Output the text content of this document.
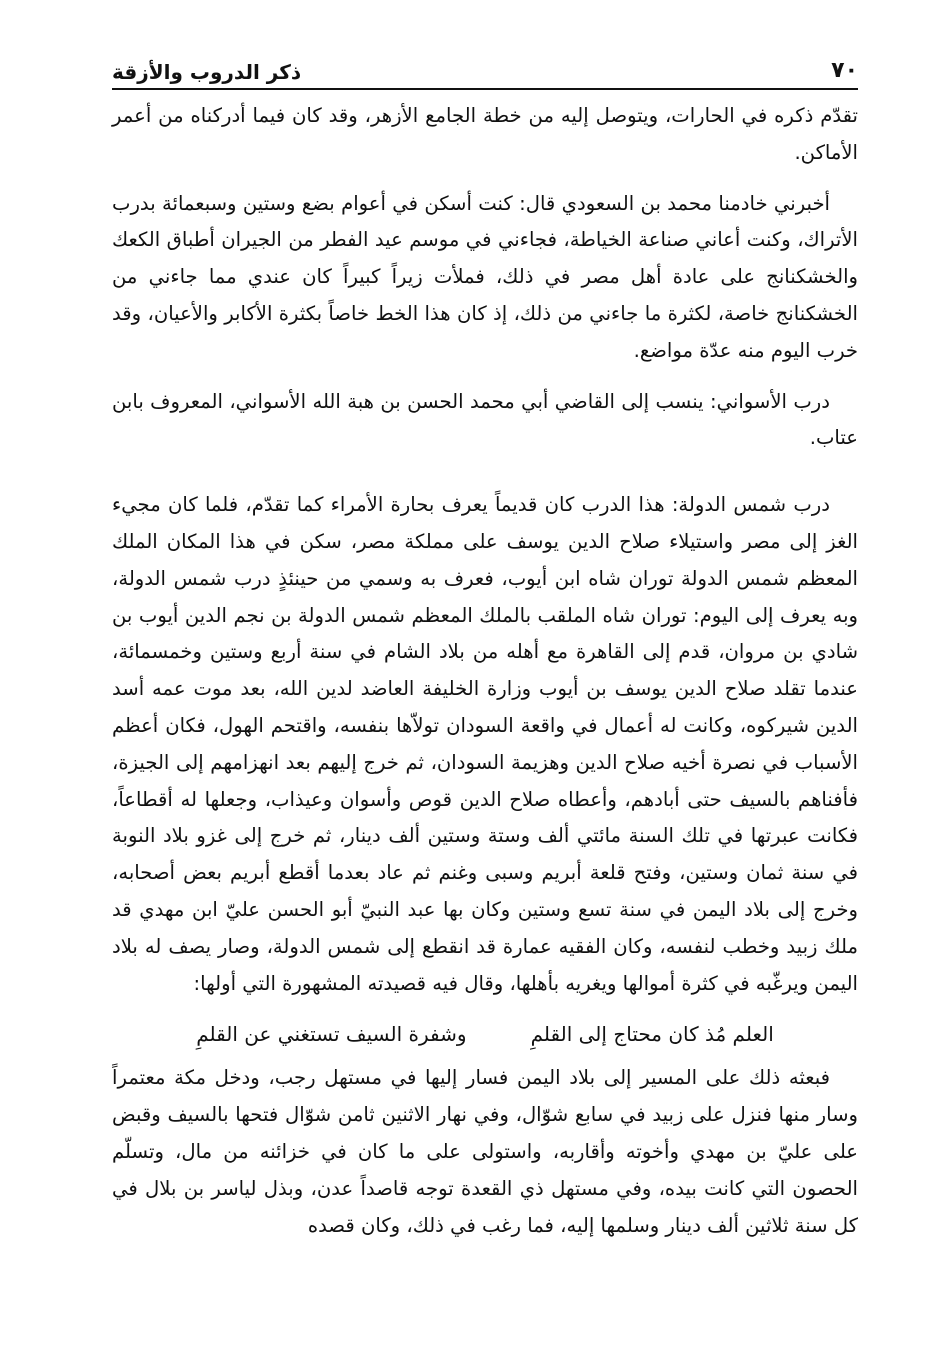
٧٠
ذكر الدروب والأزقة

تقدّم ذكره في الحارات، ويتوصل إليه من خطة الجامع الأزهر، وقد كان فيما أدركناه من أعمر الأماكن.

أخبرني خادمنا محمد بن السعودي قال: كنت أسكن في أعوام بضع وستين وسبعمائة بدرب الأتراك، وكنت أعاني صناعة الخياطة، فجاءني في موسم عيد الفطر من الجيران أطباق الكعك والخشكنانج على عادة أهل مصر في ذلك، فملأت زيراً كبيراً كان عندي مما جاءني من الخشكنانج خاصة، لكثرة ما جاءني من ذلك، إذ كان هذا الخط خاصاً بكثرة الأكابر والأعيان، وقد خرب اليوم منه عدّة مواضع.

درب الأسواني: ينسب إلى القاضي أبي محمد الحسن بن هبة الله الأسواني، المعروف بابن عتاب.

درب شمس الدولة: هذا الدرب كان قديماً يعرف بحارة الأمراء كما تقدّم، فلما كان مجيء الغز إلى مصر واستيلاء صلاح الدين يوسف على مملكة مصر، سكن في هذا المكان الملك المعظم شمس الدولة توران شاه ابن أيوب، فعرف به وسمي من حينئذٍ درب شمس الدولة، وبه يعرف إلى اليوم: توران شاه الملقب بالملك المعظم شمس الدولة بن نجم الدين أيوب بن شادي بن مروان، قدم إلى القاهرة مع أهله من بلاد الشام في سنة أربع وستين وخمسمائة، عندما تقلد صلاح الدين يوسف بن أيوب وزارة الخليفة العاضد لدين الله، بعد موت عمه أسد الدين شيركوه، وكانت له أعمال في واقعة السودان تولاّها بنفسه، واقتحم الهول، فكان أعظم الأسباب في نصرة أخيه صلاح الدين وهزيمة السودان، ثم خرج إليهم بعد انهزامهم إلى الجيزة، فأفناهم بالسيف حتى أبادهم، وأعطاه صلاح الدين قوص وأسوان وعيذاب، وجعلها له أقطاعاً، فكانت عبرتها في تلك السنة مائتي ألف وستة وستين ألف دينار، ثم خرج إلى غزو بلاد النوبة في سنة ثمان وستين، وفتح قلعة أبريم وسبى وغنم ثم عاد بعدما أقطع أبريم بعض أصحابه، وخرج إلى بلاد اليمن في سنة تسع وستين وكان بها عبد النبيّ أبو الحسن عليّ ابن مهدي قد ملك زبيد وخطب لنفسه، وكان الفقيه عمارة قد انقطع إلى شمس الدولة، وصار يصف له بلاد اليمن ويرغّبه في كثرة أموالها ويغريه بأهلها، وقال فيه قصيدته المشهورة التي أولها:

العلم مُذ كان محتاج إلى القلمِ
وشفرة السيف تستغني عن القلمِ

فبعثه ذلك على المسير إلى بلاد اليمن فسار إليها في مستهل رجب، ودخل مكة معتمراً وسار منها فنزل على زبيد في سابع شوّال، وفي نهار الاثنين ثامن شوّال فتحها بالسيف وقبض على عليّ بن مهدي وأخوته وأقاربه، واستولى على ما كان في خزائنه من مال، وتسلّم الحصون التي كانت بيده، وفي مستهل ذي القعدة توجه قاصداً عدن، وبذل لياسر بن بلال في كل سنة ثلاثين ألف دينار وسلمها إليه، فما رغب في ذلك، وكان قصده
